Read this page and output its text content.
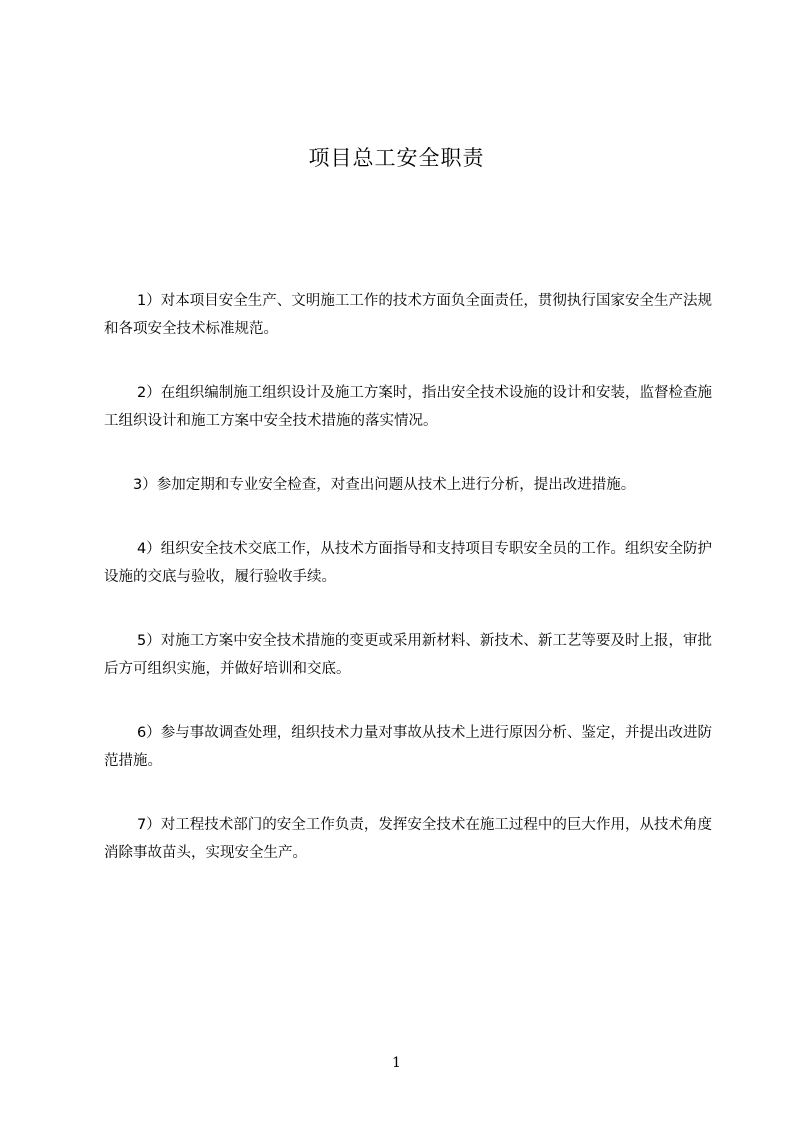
项目总工安全职责

1）对本项目安全生产、文明施工工作的技术方面负全面责任，贯彻执行国家安全生产法规和各项安全技术标准规范。

2）在组织编制施工组织设计及施工方案时，指出安全技术设施的设计和安装，监督检查施工组织设计和施工方案中安全技术措施的落实情况。

3）参加定期和专业安全检查，对查出问题从技术上进行分析，提出改进措施。

4）组织安全技术交底工作，从技术方面指导和支持项目专职安全员的工作。组织安全防护设施的交底与验收，履行验收手续。

5）对施工方案中安全技术措施的变更或采用新材料、新技术、新工艺等要及时上报，审批后方可组织实施，并做好培训和交底。

6）参与事故调查处理，组织技术力量对事故从技术上进行原因分析、鉴定，并提出改进防范措施。

7）对工程技术部门的安全工作负责，发挥安全技术在施工过程中的巨大作用，从技术角度消除事故苗头，实现安全生产。

1
